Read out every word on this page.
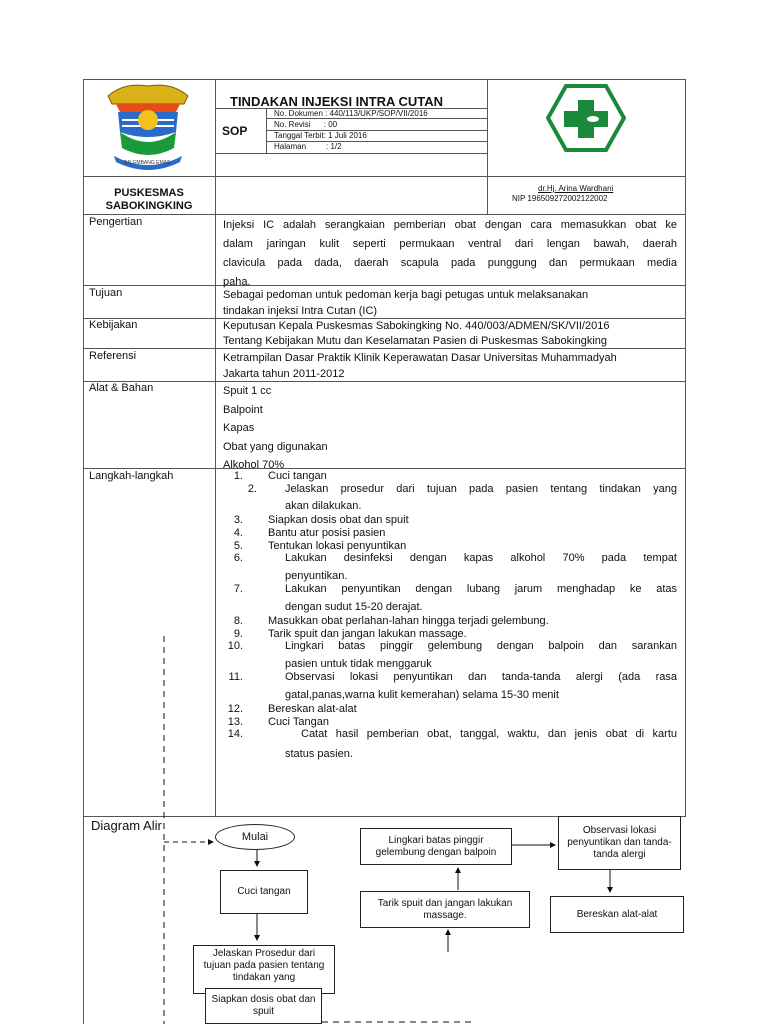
PALEMBANG EMAS
TINDAKAN INJEKSI INTRA CUTAN
SOP
No. Dokumen : 440/113/UKP/SOP/VII/2016
No. Revisi      : 00
Tanggal Terbit: 1 Juli 2016
Halaman         : 1/2
PUSKESMAS
SABOKINGKING
dr.Hj. Arina Wardhani
NIP 196509272002122002
Pengertian	Injeksi IC adalah serangkaian pemberian obat dengan cara memasukkan obat ke
dalam jaringan kulit seperti permukaan ventral dari lengan bawah, daerah
clavicula pada dada, daerah scapula pada punggung dan permukaan media
paha.
Tujuan	Sebagai pedoman untuk pedoman kerja bagi petugas untuk melaksanakan
tindakan injeksi Intra Cutan (IC)
Kebijakan	Keputusan Kepala Puskesmas Sabokingking No. 440/003/ADMEN/SK/VII/2016
Tentang Kebijakan Mutu dan Keselamatan Pasien di Puskesmas Sabokingking
Referensi	Ketrampilan Dasar Praktik Klinik Keperawatan Dasar Universitas Muhammadyah
Jakarta tahun 2011-2012
Alat & Bahan	Spuit 1 cc
Balpoint
Kapas
Obat yang digunakan
Alkohol 70%
Langkah-langkah	1. Cuci tangan
2.	Jelaskan prosedur dari tujuan pada pasien tentang tindakan yang
akan dilakukan.
3. Siapkan dosis obat dan spuit
4. Bantu atur posisi pasien
5. Tentukan lokasi penyuntikan
6.	Lakukan desinfeksi dengan kapas alkohol 70% pada tempat
penyuntikan.
7.	Lakukan penyuntikan dengan lubang jarum menghadap ke atas
dengan sudut 15-20 derajat.
8. Masukkan obat perlahan-lahan hingga terjadi gelembung.
9. Tarik spuit dan jangan lakukan massage.
10.	Lingkari batas pinggir gelembung dengan balpoin dan sarankan
pasien untuk tidak menggaruk
11.	Observasi lokasi penyuntikan dan tanda-tanda alergi (ada rasa
gatal,panas,warna kulit kemerahan) selama 15-30 menit
12. Bereskan alat-alat
13. Cuci Tangan
14.	Catat hasil pemberian obat, tanggal, waktu, dan jenis obat di kartu
status pasien.
Diagram Alir
Mulai
Cuci tangan
Jelaskan Prosedur dari tujuan pada pasien tentang tindakan yang
Siapkan dosis obat dan spuit
Lingkari batas pinggir gelembung dengan balpoin
Tarik spuit dan jangan lakukan massage.
Observasi lokasi penyuntikan dan tanda-tanda alergi
Bereskan alat-alat
